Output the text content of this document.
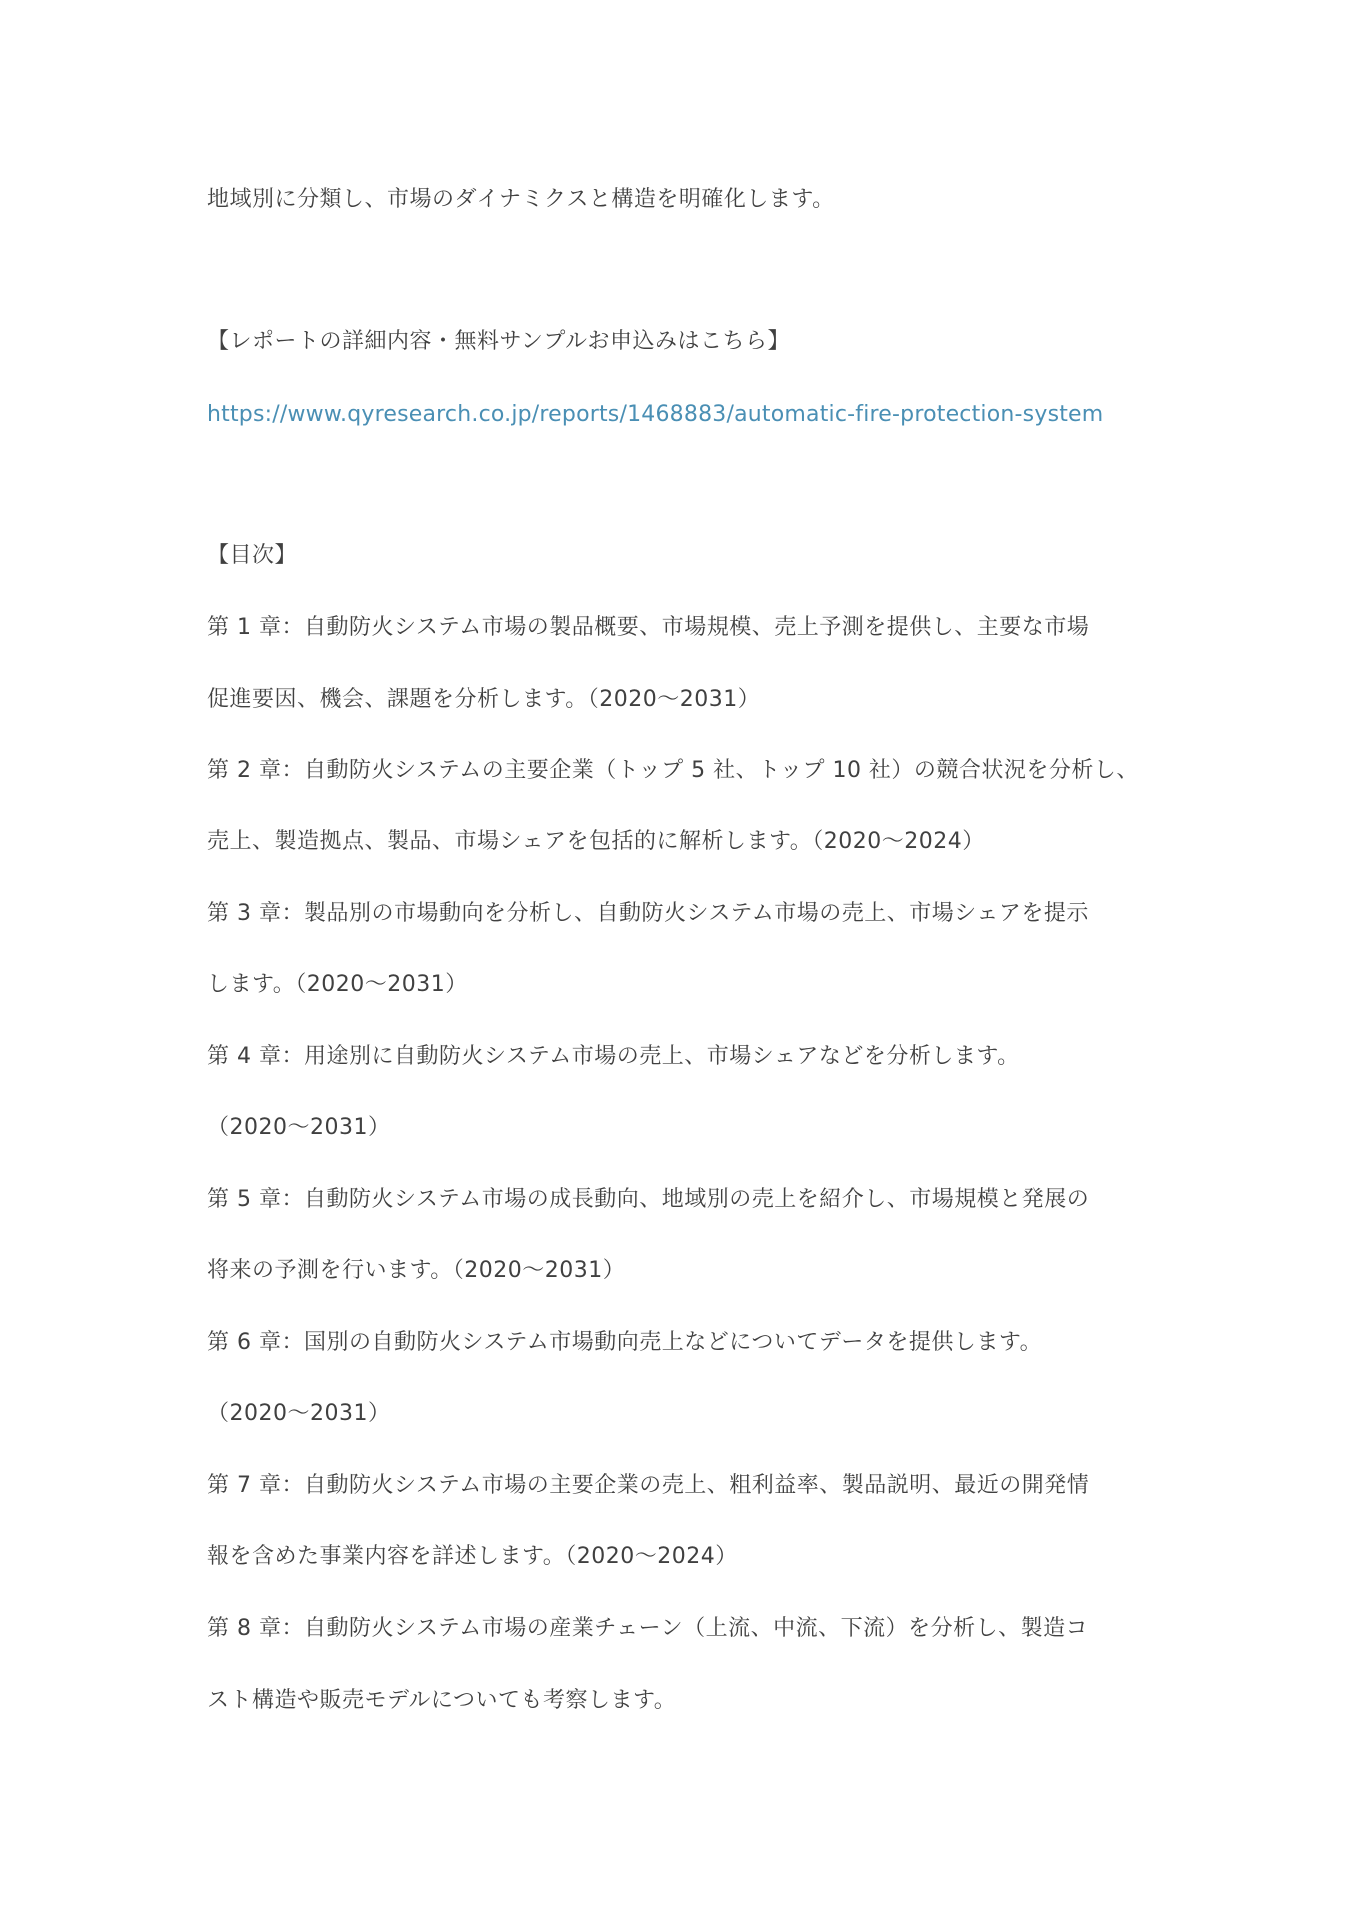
地域別に分類し、市場のダイナミクスと構造を明確化します。
【レポートの詳細内容・無料サンプルお申込みはこちら】
https://www.qyresearch.co.jp/reports/1468883/automatic-fire-protection-system
【目次】
第 1 章：自動防火システム市場の製品概要、市場規模、売上予測を提供し、主要な市場
促進要因、機会、課題を分析します。（2020～2031）
第 2 章：自動防火システムの主要企業（トップ 5 社、トップ 10 社）の競合状況を分析し、
売上、製造拠点、製品、市場シェアを包括的に解析します。（2020～2024）
第 3 章：製品別の市場動向を分析し、自動防火システム市場の売上、市場シェアを提示
します。（2020～2031）
第 4 章：用途別に自動防火システム市場の売上、市場シェアなどを分析します。
（2020～2031）
第 5 章：自動防火システム市場の成長動向、地域別の売上を紹介し、市場規模と発展の
将来の予測を行います。（2020～2031）
第 6 章：国別の自動防火システム市場動向売上などについてデータを提供します。
（2020～2031）
第 7 章：自動防火システム市場の主要企業の売上、粗利益率、製品説明、最近の開発情
報を含めた事業内容を詳述します。（2020～2024）
第 8 章：自動防火システム市場の産業チェーン（上流、中流、下流）を分析し、製造コ
スト構造や販売モデルについても考察します。
